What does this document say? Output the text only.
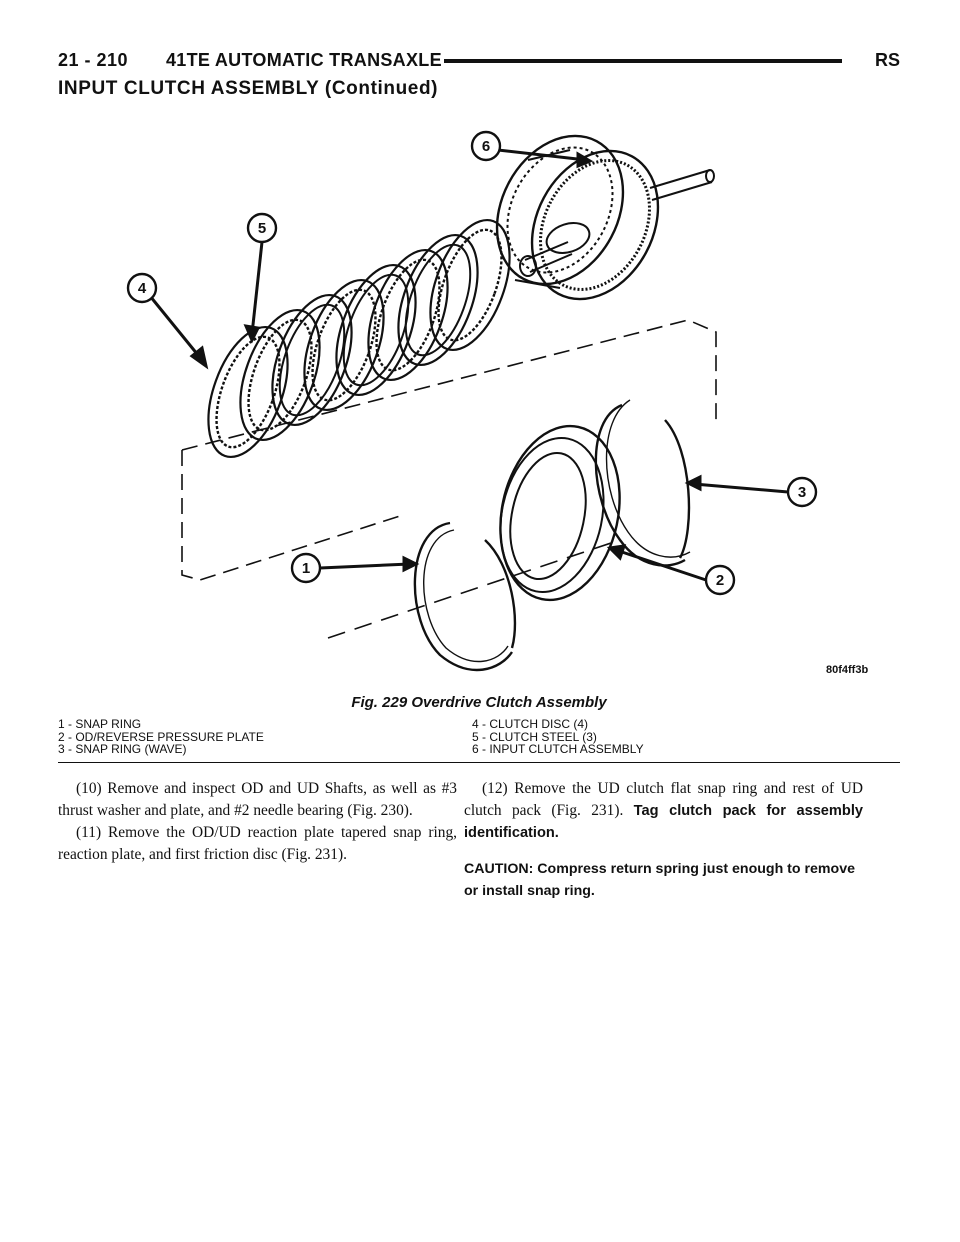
21 - 210 41TE AUTOMATIC TRANSAXLE	RS
INPUT CLUTCH ASSEMBLY (Continued)
6
5
4
3
2
1
80f4ff3b
Fig. 229 Overdrive Clutch Assembly
1 - SNAP RING
2 - OD/REVERSE PRESSURE PLATE
3 - SNAP RING (WAVE)
4 - CLUTCH DISC (4)
5 - CLUTCH STEEL (3)
6 - INPUT CLUTCH ASSEMBLY

(10) Remove and inspect OD and UD Shafts, as well as #3 thrust washer and plate, and #2 needle bearing (Fig. 230).

(11) Remove the OD/UD reaction plate tapered snap ring, reaction plate, and first friction disc (Fig. 231).

(12) Remove the UD clutch flat snap ring and rest of UD clutch pack (Fig. 231). Tag clutch pack for assembly identification.

CAUTION: Compress return spring just enough to remove or install snap ring.
